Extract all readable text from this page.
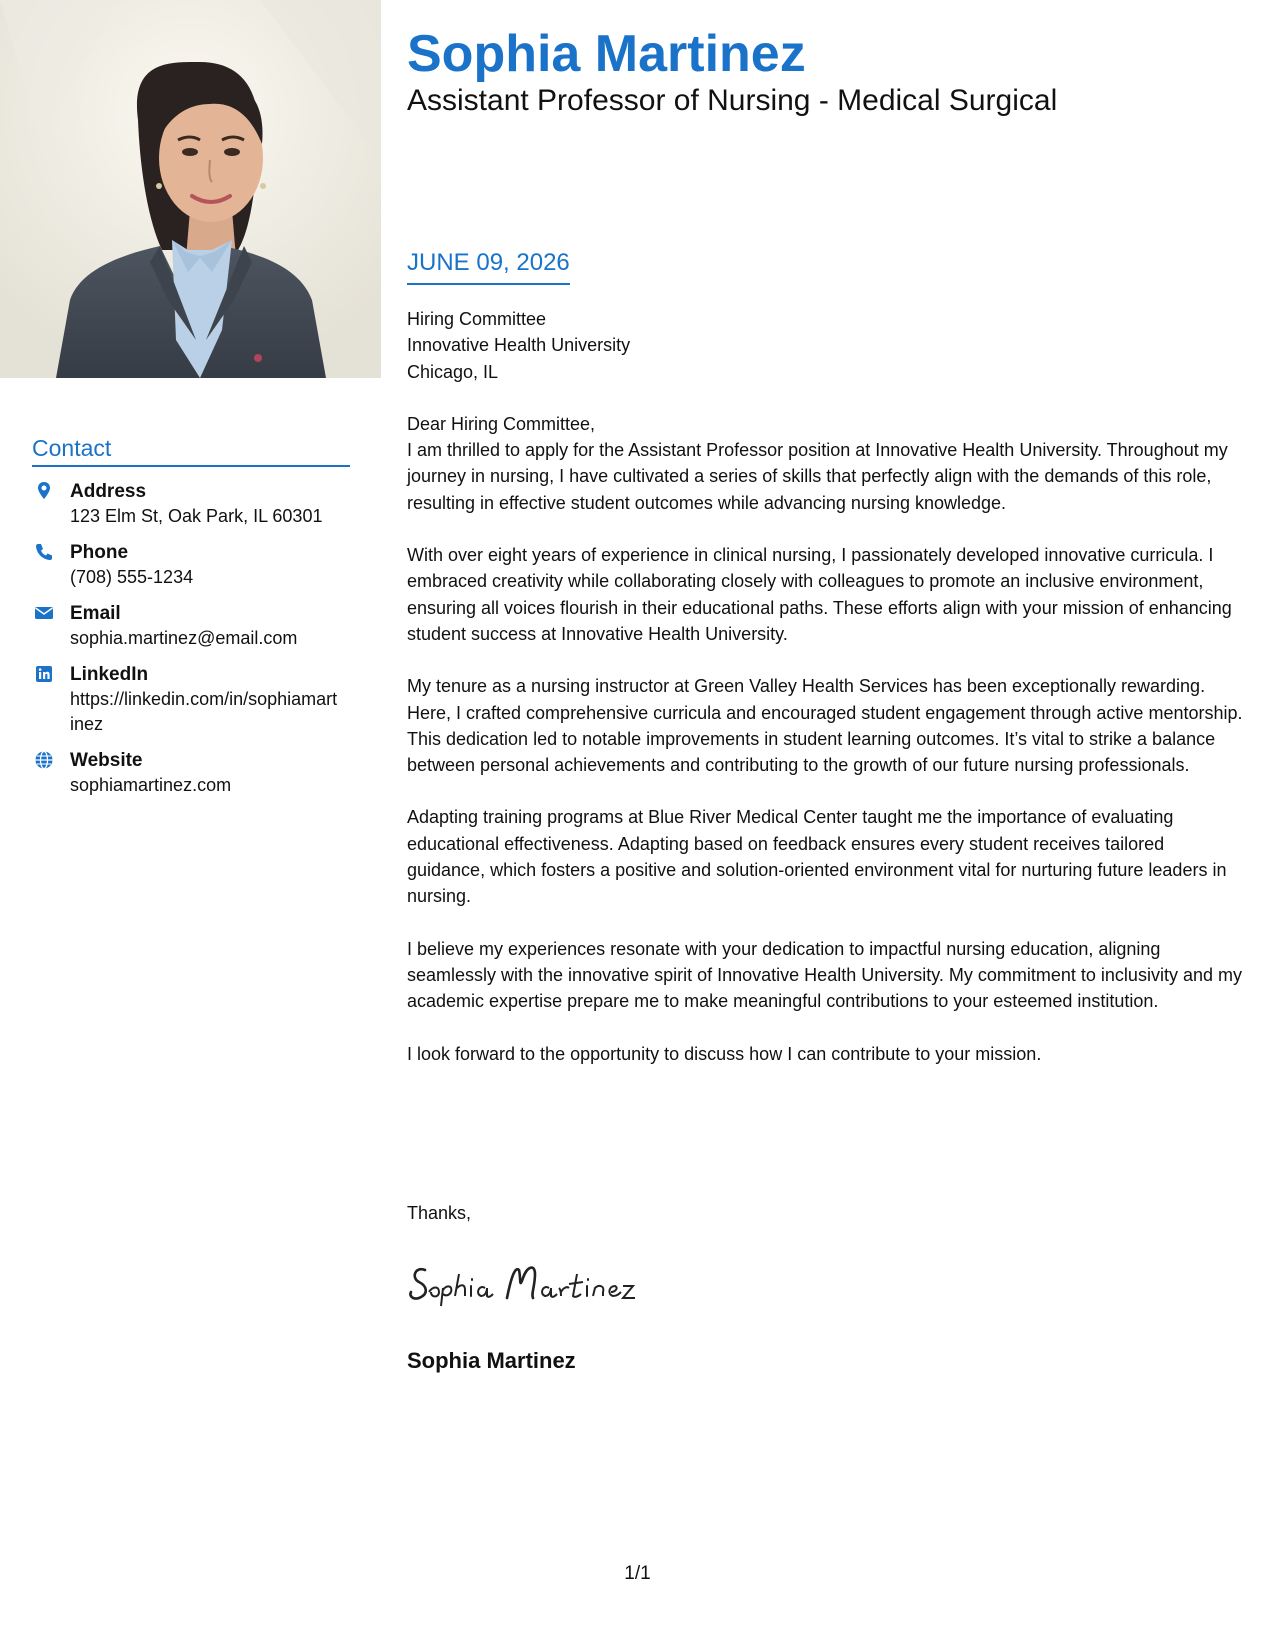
Contact
Address
123 Elm St, Oak Park, IL 60301
Phone
(708) 555-1234
Email
sophia.martinez@email.com
LinkedIn
https://linkedin.com/in/sophiamartinez
Website
sophiamartinez.com
Sophia Martinez
Assistant Professor of Nursing - Medical Surgical
JUNE 09, 2026
Hiring Committee
Innovative Health University
Chicago, IL

Dear Hiring Committee,

I am thrilled to apply for the Assistant Professor position at Innovative Health University. Throughout my journey in nursing, I have cultivated a series of skills that perfectly align with the demands of this role, resulting in effective student outcomes while advancing nursing knowledge.

With over eight years of experience in clinical nursing, I passionately developed innovative curricula. I embraced creativity while collaborating closely with colleagues to promote an inclusive environment, ensuring all voices flourish in their educational paths. These efforts align with your mission of enhancing student success at Innovative Health University.

My tenure as a nursing instructor at Green Valley Health Services has been exceptionally rewarding. Here, I crafted comprehensive curricula and encouraged student engagement through active mentorship. This dedication led to notable improvements in student learning outcomes. It’s vital to strike a balance between personal achievements and contributing to the growth of our future nursing professionals.

Adapting training programs at Blue River Medical Center taught me the importance of evaluating educational effectiveness. Adapting based on feedback ensures every student receives tailored guidance, which fosters a positive and solution-oriented environment vital for nurturing future leaders in nursing.

I believe my experiences resonate with your dedication to impactful nursing education, aligning seamlessly with the innovative spirit of Innovative Health University. My commitment to inclusivity and my academic expertise prepare me to make meaningful contributions to your esteemed institution.

I look forward to the opportunity to discuss how I can contribute to your mission.

Thanks,
Sophia Martinez
1/1
